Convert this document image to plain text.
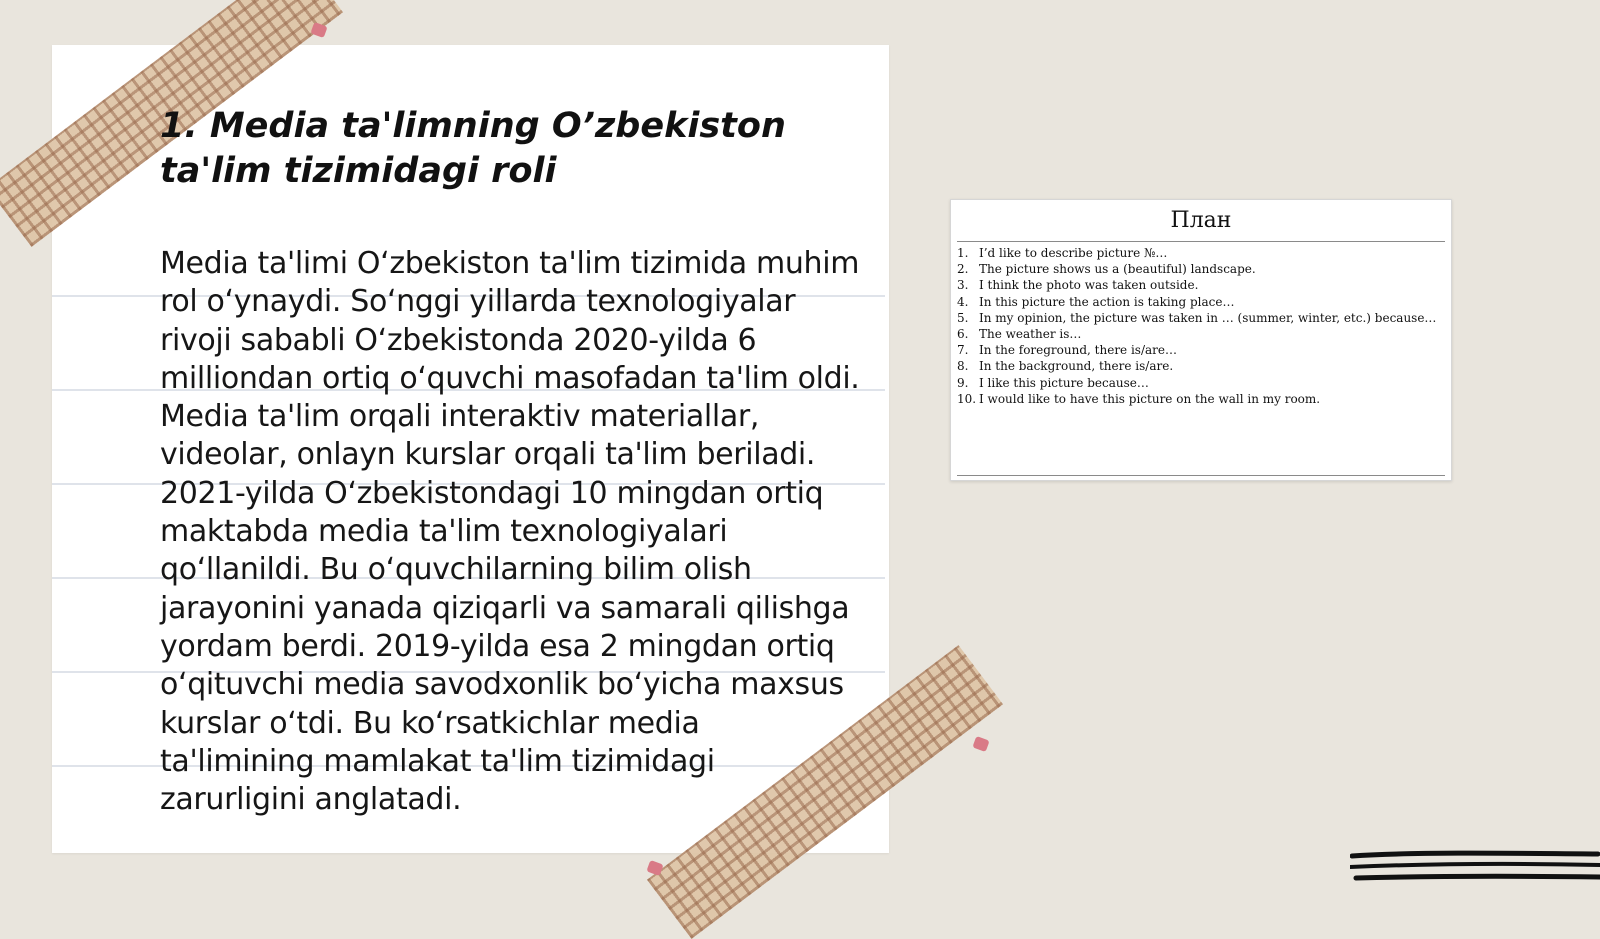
1. Media ta'limning O’zbekiston ta'lim tizimidagi roli

Media ta'limi O‘zbekiston ta'lim tizimida muhim rol o‘ynaydi. So‘nggi yillarda texnologiyalar rivoji sababli O‘zbekistonda 2020-yilda 6 milliondan ortiq o‘quvchi masofadan ta'lim oldi. Media ta'lim orqali interaktiv materiallar, videolar, onlayn kurslar orqali ta'lim beriladi. 2021-yilda O‘zbekistondagi 10 mingdan ortiq maktabda media ta'lim texnologiyalari qo‘llanildi. Bu o‘quvchilarning bilim olish jarayonini yanada qiziqarli va samarali qilishga yordam berdi. 2019-yilda esa 2 mingdan ortiq o‘qituvchi media savodxonlik bo‘yicha maxsus kurslar o‘tdi. Bu ko‘rsatkichlar media ta'limining mamlakat ta'lim tizimidagi zarurligini anglatadi.

План
1. I’d like to describe picture №…
2. The picture shows us a (beautiful) landscape.
3. I think the photo was taken outside.
4. In this picture the action is taking place…
5. In my opinion, the picture was taken in … (summer, winter, etc.) because…
6. The weather is…
7. In the foreground, there is/are…
8. In the background, there is/are.
9. I like this picture because…
10. I would like to have this picture on the wall in my room.
